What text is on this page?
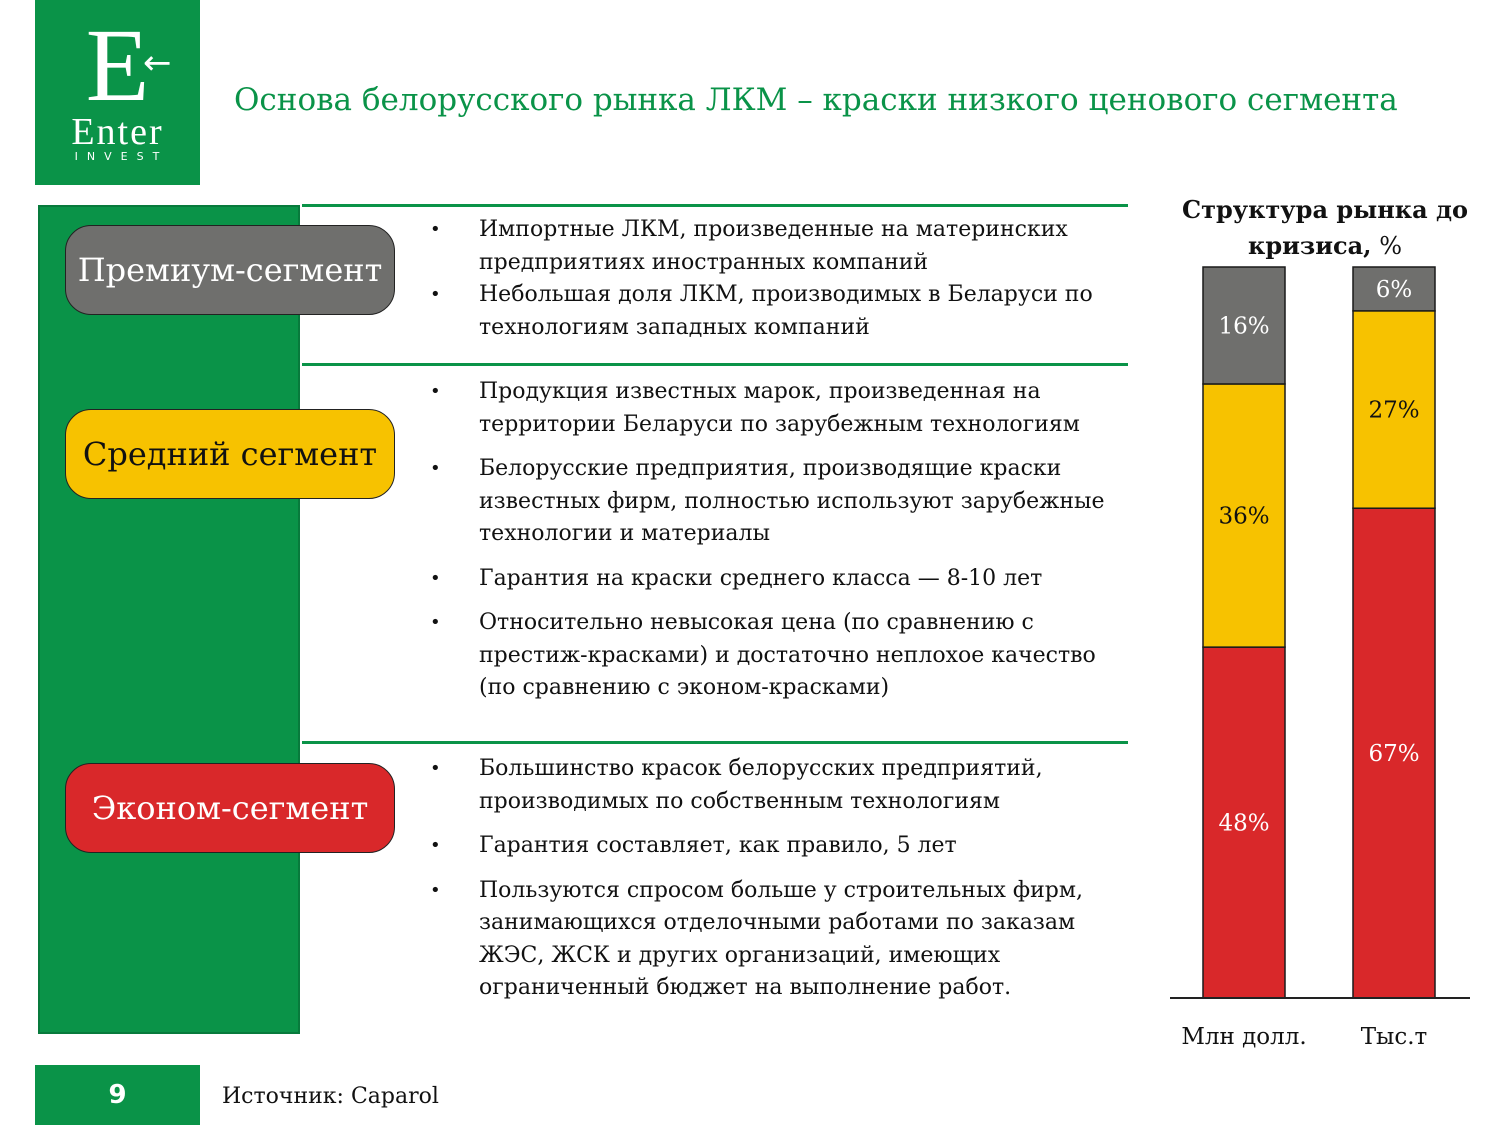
E
←
Enter
INVEST
Основа белорусского рынка ЛКМ – краски низкого ценового сегмента
Премиум-сегмент
Средний сегмент
Эконом-сегмент
• Импортные ЛКМ, произведенные на материнских предприятиях иностранных компаний
• Небольшая доля ЛКМ, производимых в Беларуси по технологиям западных компаний
• Продукция известных марок, произведенная на территории Беларуси по зарубежным технологиям
• Белорусские предприятия, производящие краски известных фирм, полностью используют зарубежные технологии и материалы
• Гарантия на краски среднего класса — 8-10 лет
• Относительно невысокая цена (по сравнению с престиж-красками) и достаточно неплохое качество (по сравнению с эконом-красками)
• Большинство красок белорусских предприятий, производимых по собственным технологиям
• Гарантия составляет, как правило, 5 лет
• Пользуются спросом больше у строительных фирм, занимающихся отделочными работами по заказам ЖЭС, ЖСК и других организаций, имеющих ограниченный бюджет на выполнение работ.
Структура рынка до кризиса, %
48%
36%
16%
Млн долл.
67%
27%
6%
Тыс.т
9	Источник: Caparol
